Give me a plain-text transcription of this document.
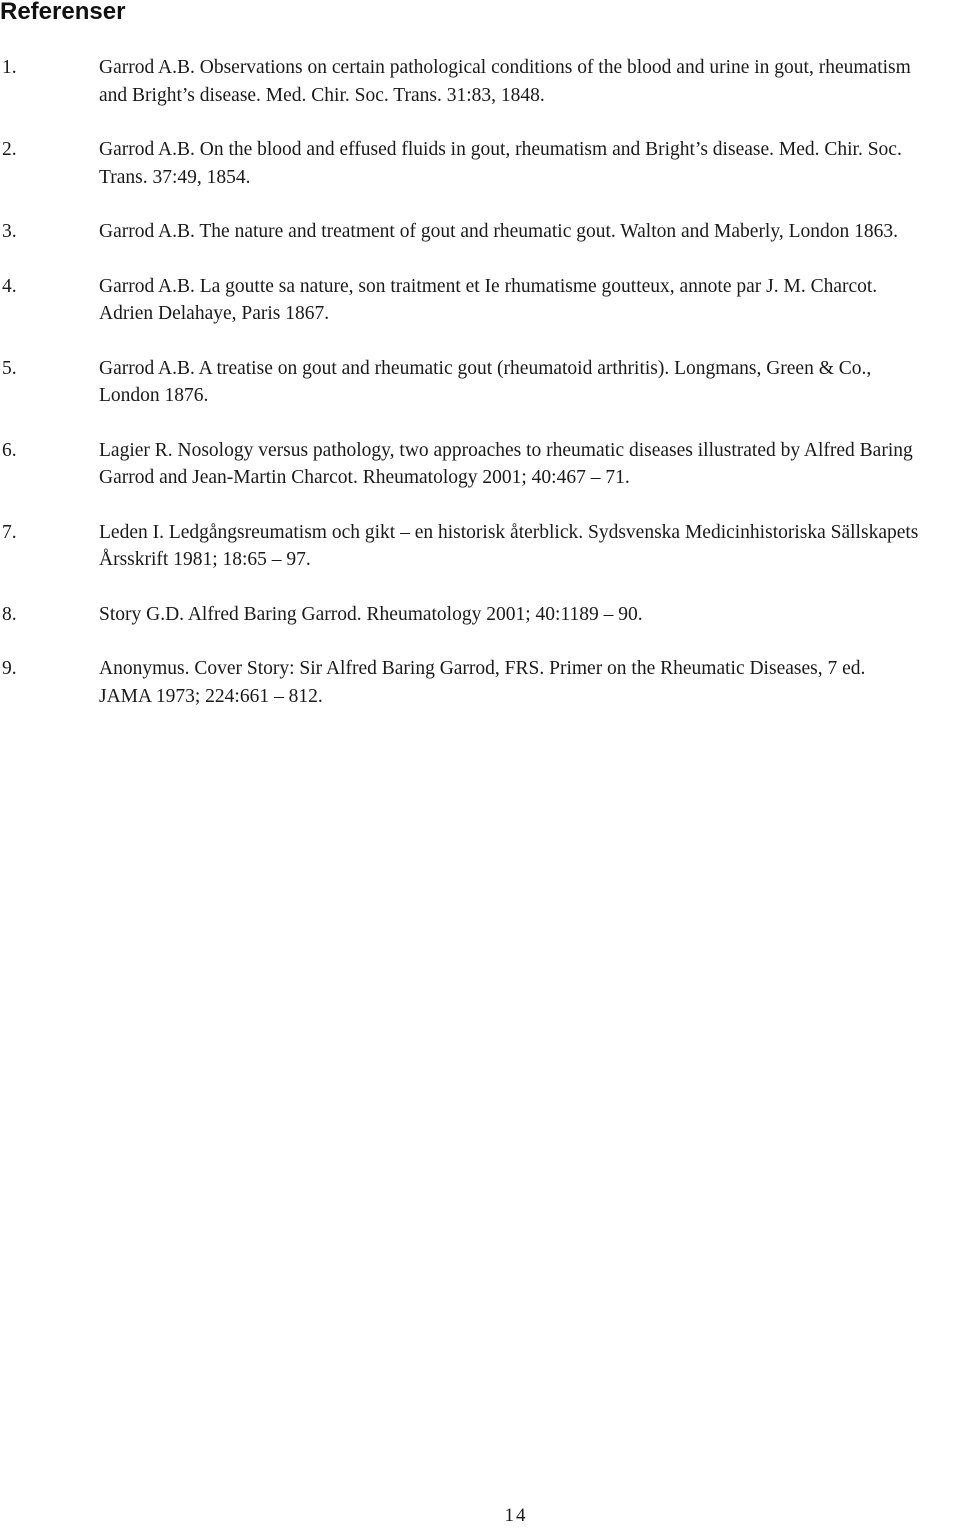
Referenser
1.	Garrod A.B. Observations on certain pathological conditions of the blood and urine in gout, rheumatism and Bright’s disease. Med. Chir. Soc. Trans. 31:83, 1848.
2.	Garrod A.B. On the blood and effused fluids in gout, rheumatism and Bright’s disease. Med. Chir. Soc. Trans. 37:49, 1854.
3.	Garrod A.B. The nature and treatment of gout and rheumatic gout. Walton and Maberly, London 1863.
4.	Garrod A.B. La goutte sa nature, son traitment et Ie rhumatisme goutteux, annote par J. M. Charcot. Adrien Delahaye, Paris 1867.
5.	Garrod A.B. A treatise on gout and rheumatic gout (rheumatoid arthritis). Longmans, Green & Co., London 1876.
6.	Lagier R. Nosology versus pathology, two approaches to rheumatic diseases illustrated by Alfred Baring Garrod and Jean-Martin Charcot. Rheumatology 2001; 40:467 – 71.
7.	Leden I. Ledgångsreumatism och gikt – en historisk återblick. Sydsvenska Medicinhistoriska Sällskapets Årsskrift 1981; 18:65 – 97.
8.	Story G.D. Alfred Baring Garrod. Rheumatology 2001; 40:1189 – 90.
9.	Anonymus. Cover Story: Sir Alfred Baring Garrod, FRS. Primer on the Rheumatic Diseases, 7 ed. JAMA 1973; 224:661 – 812.
14
